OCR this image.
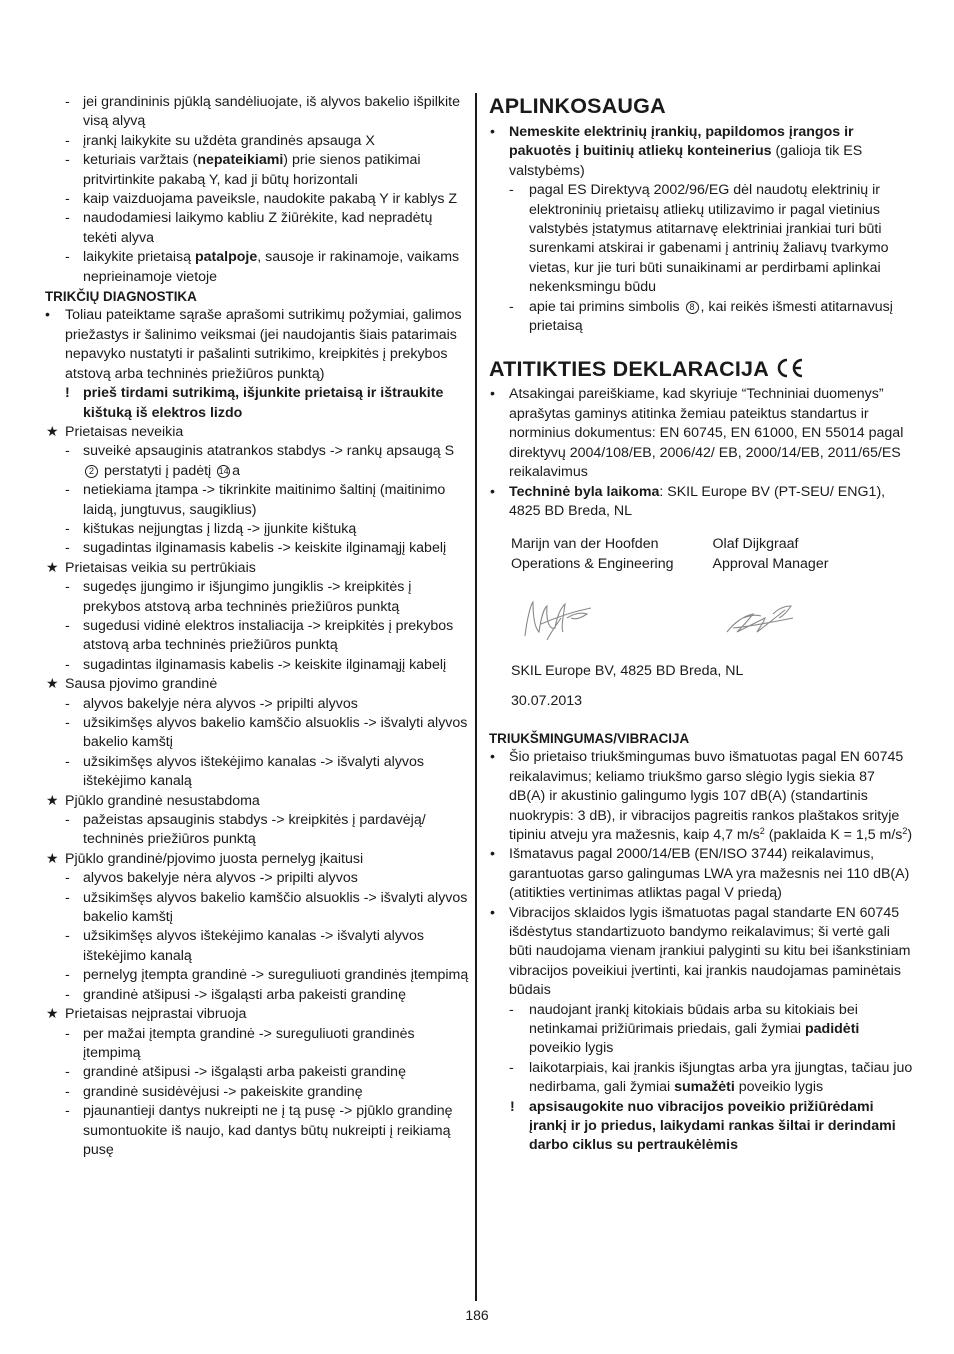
- jei grandininis pjūklą sandėliuojate, iš alyvos bakelio išpilkite visą alyvą
- įrankį laikykite su uždėta grandinės apsauga X
- keturiais varžtais (nepateikiami) prie sienos patikimai pritvirtinkite pakabą Y, kad ji būtų horizontali
- kaip vaizduojama paveiksle, naudokite pakabą Y ir kablys Z
- naudodamiesi laikymo kabliu Z žiūrėkite, kad nepradėtų tekėti alyva
- laikykite prietaisą patalpoje, sausoje ir rakinamoje, vaikams neprieinamoje vietoje
TRIKČIŲ DIAGNOSTIKA
• Toliau pateiktame sąraše aprašomi sutrikimų požymiai, galimos priežastys ir šalinimo veiksmai (jei naudojantis šiais patarimais nepavyko nustatyti ir pašalinti sutrikimo, kreipkitės į prekybos atstovą arba techninės priežiūros punktą)
! prieš tirdami sutrikimą, išjunkite prietaisą ir ištraukite kištuką iš elektros lizdo
★ Prietaisas neveikia
- suveikė apsauginis atatrankos stabdys -> rankų apsaugą S 2 perstatyti į padėtį 14 a
- netiekiama įtampa -> tikrinkite maitinimo šaltinį (maitinimo laidą, jungtuvus, saugiklius)
- kištukas neįjungtas į lizdą -> įjunkite kištuką
- sugadintas ilginamasis kabelis -> keiskite ilginamąjį kabelį
★ Prietaisas veikia su pertrūkiais
- sugedęs įjungimo ir išjungimo jungiklis -> kreipkitės į prekybos atstovą arba techninės priežiūros punktą
- sugedusi vidinė elektros instaliacija -> kreipkitės į prekybos atstovą arba techninės priežiūros punktą
- sugadintas ilginamasis kabelis -> keiskite ilginamąjį kabelį
★ Sausa pjovimo grandinė
- alyvos bakelyje nėra alyvos -> pripilti alyvos
- užsikimšęs alyvos bakelio kamščio alsuoklis -> išvalyti alyvos bakelio kamštį
- užsikimšęs alyvos ištekėjimo kanalas -> išvalyti alyvos ištekėjimo kanalą
★ Pjūklo grandinė nesustabdoma
- pažeistas apsauginis stabdys -> kreipkitės į pardavėją/ techninės priežiūros punktą
★ Pjūklo grandinė/pjovimo juosta pernelyg įkaitusi
- alyvos bakelyje nėra alyvos -> pripilti alyvos
- užsikimšęs alyvos bakelio kamščio alsuoklis -> išvalyti alyvos bakelio kamštį
- užsikimšęs alyvos ištekėjimo kanalas -> išvalyti alyvos ištekėjimo kanalą
- pernelyg įtempta grandinė -> sureguliuoti grandinės įtempimą
- grandinė atšipusi -> išgaląsti arba pakeisti grandinę
★ Prietaisas neįprastai vibruoja
- per mažai įtempta grandinė -> sureguliuoti grandinės įtempimą
- grandinė atšipusi -> išgaląsti arba pakeisti grandinę
- grandinė susidėvėjusi -> pakeiskite grandinę
- pjaunantieji dantys nukreipti ne į tą pusę -> pjūklo grandinę sumontuokite iš naujo, kad dantys būtų nukreipti į reikiamą pusę
APLINKOSAUGA
• Nemeskite elektrinių įrankių, papildomos įrangos ir pakuotės į buitinių atliekų konteinerius (galioja tik ES valstybėms)
- pagal ES Direktyvą 2002/96/EG dėl naudotų elektrinių ir elektroninių prietaisų atliekų utilizavimo ir pagal vietinius valstybės įstatymus atitarnavę elektriniai įrankiai turi būti surenkami atskirai ir gabenami į antrinių žaliavų tvarkymo vietas, kur jie turi būti sunaikinami ar perdirbami aplinkai nekenksmingu būdu
- apie tai primins simbolis 8 , kai reikės išmesti atitarnavusį prietaisą
ATITIKTIES DEKLARACIJA
• Atsakingai pareiškiame, kad skyriuje “Techniniai duomenys” aprašytas gaminys atitinka žemiau pateiktus standartus ir norminius dokumentus: EN 60745, EN 61000, EN 55014 pagal direktyvų 2004/108/EB, 2006/42/ EB, 2000/14/EB, 2011/65/ES reikalavimus
• Techninė byla laikoma: SKIL Europe BV (PT-SEU/ ENG1), 4825 BD Breda, NL
Marijn van der Hoofden
Operations & Engineering
Olaf Dijkgraaf
Approval Manager
SKIL Europe BV, 4825 BD Breda, NL
30.07.2013
TRIUKŠMINGUMAS/VIBRACIJA
• Šio prietaiso triukšmingumas buvo išmatuotas pagal EN 60745 reikalavimus; keliamo triukšmo garso slėgio lygis siekia 87 dB(A) ir akustinio galingumo lygis 107 dB(A) (standartinis nuokrypis: 3 dB), ir vibracijos pagreitis rankos plaštakos srityje tipiniu atveju yra mažesnis, kaip 4,7 $m/s^2$ (paklaida K = 1,5 $m/s^2$)
• Išmatavus pagal 2000/14/EB (EN/ISO 3744) reikalavimus, garantuotas garso galingumas LWA yra mažesnis nei 110 dB(A) (atitikties vertinimas atliktas pagal V priedą)
• Vibracijos sklaidos lygis išmatuotas pagal standarte EN 60745 išdėstytus standartizuoto bandymo reikalavimus; ši vertė gali būti naudojama vienam įrankiui palyginti su kitu bei išankstiniam vibracijos poveikiui įvertinti, kai įrankis naudojamas paminėtais būdais
- naudojant įrankį kitokiais būdais arba su kitokiais bei netinkamai prižiūrimais priedais, gali žymiai padidėti poveikio lygis
- laikotarpiais, kai įrankis išjungtas arba yra įjungtas, tačiau juo nedirbama, gali žymiai sumažėti poveikio lygis
! apsisaugokite nuo vibracijos poveikio prižiūrėdami įrankį ir jo priedus, laikydami rankas šiltai ir derindami darbo ciklus su pertraukėlėmis
186
